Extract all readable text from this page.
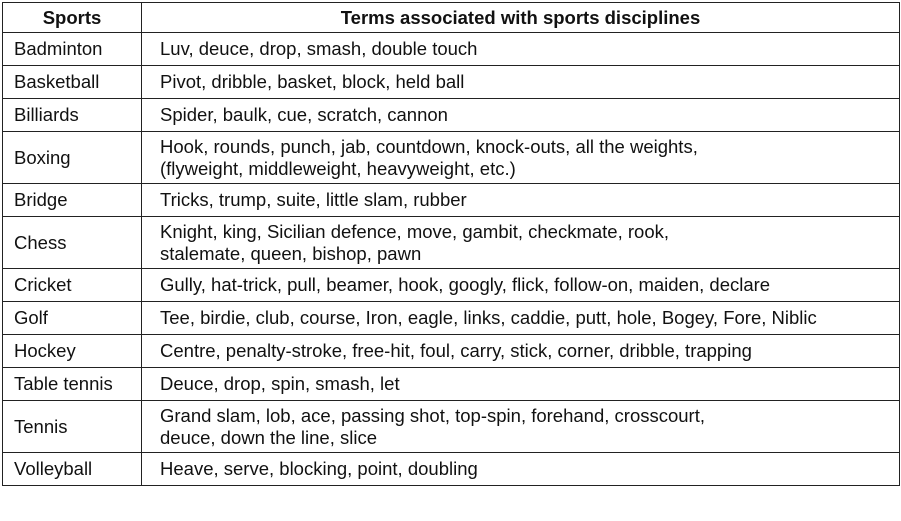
Sports	Terms associated with sports disciplines
Badminton	Luv, deuce, drop, smash, double touch

Basketball	Pivot, dribble, basket, block, held ball

Billiards	Spider, baulk, cue, scratch, cannon

Boxing	Hook, rounds, punch, jab, countdown, knock-outs, all the weights,
(flyweight, middleweight, heavyweight, etc.)

Bridge	Tricks, trump, suite, little slam, rubber

Chess	Knight, king, Sicilian defence, move, gambit, checkmate, rook,
stalemate, queen, bishop, pawn

Cricket	Gully, hat-trick, pull, beamer, hook, googly, flick, follow-on, maiden, declare

Golf	Tee, birdie, club, course, Iron, eagle, links, caddie, putt, hole, Bogey, Fore, Niblic

Hockey	Centre, penalty-stroke, free-hit, foul, carry, stick, corner, dribble, trapping

Table tennis	Deuce, drop, spin, smash, let

Tennis	Grand slam, lob, ace, passing shot, top-spin, forehand, crosscourt,
deuce, down the line, slice

Volleyball	Heave, serve, blocking, point, doubling
